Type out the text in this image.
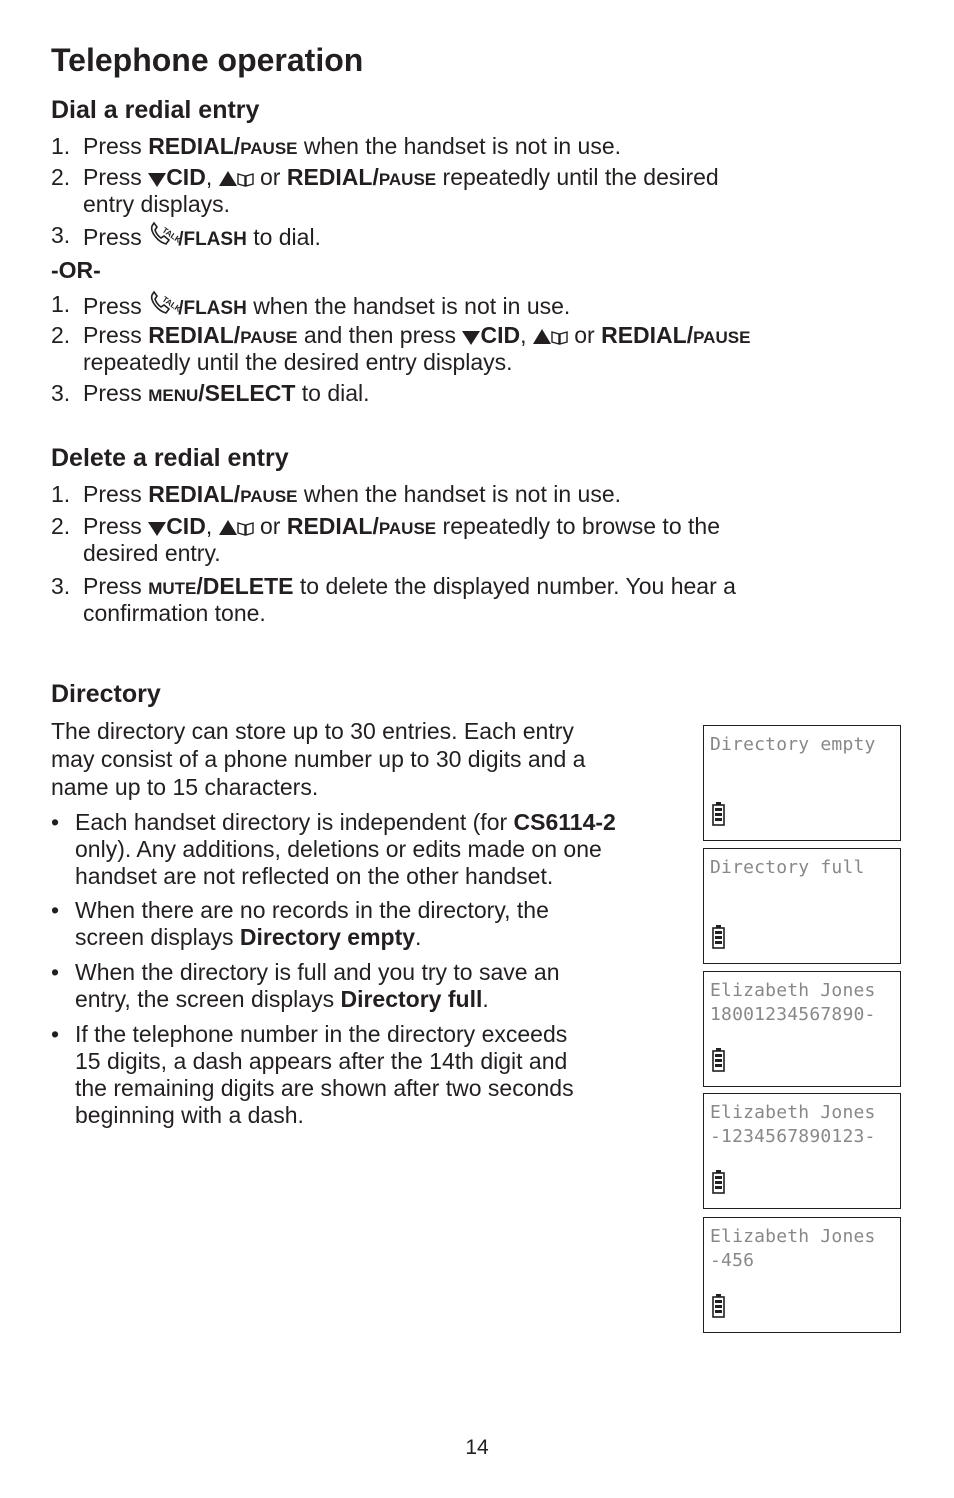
Telephone operation
Dial a redial entry
1. Press REDIAL/PAUSE when the handset is not in use.
2. Press CID, or REDIAL/PAUSE repeatedly until the desired
entry displays.
3. Press TALK
/FLASH to dial.
-OR-
1. Press TALK
/FLASH when the handset is not in use.
2. Press REDIAL/PAUSE and then press CID, or REDIAL/PAUSE
repeatedly until the desired entry displays.
3. Press MENU/SELECT to dial.
Delete a redial entry
1. Press REDIAL/PAUSE when the handset is not in use.
2. Press CID, or REDIAL/PAUSE repeatedly to browse to the
desired entry.
3. Press MUTE/DELETE to delete the displayed number. You hear a
confirmation tone.
Directory
The directory can store up to 30 entries. Each entry
may consist of a phone number up to 30 digits and a
name up to 15 characters.
• Each handset directory is independent (for CS6114-2
only). Any additions, deletions or edits made on one
handset are not reflected on the other handset.
• When there are no records in the directory, the
screen displays Directory empty.
• When the directory is full and you try to save an
entry, the screen displays Directory full.
• If the telephone number in the directory exceeds
15 digits, a dash appears after the 14th digit and
the remaining digits are shown after two seconds
beginning with a dash.
Directory empty
Directory full
Elizabeth Jones
18001234567890-
Elizabeth Jones
-1234567890123-
Elizabeth Jones
-456
14
